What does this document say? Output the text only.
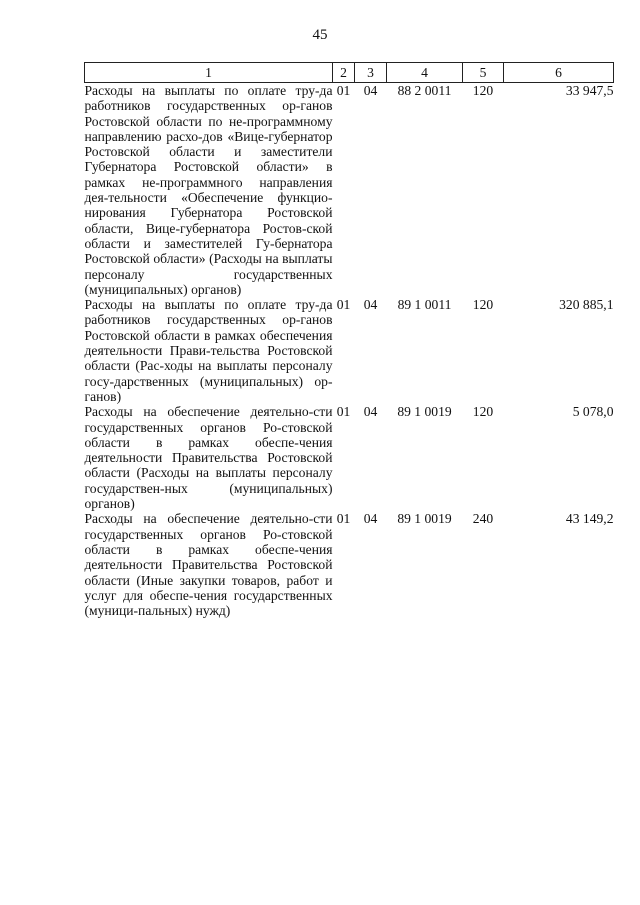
45
1	2	3	4	5	6
Расходы на выплаты по оплате тру-да работников государственных ор-ганов Ростовской области по не-программному направлению расхо-дов «Вице-губернатор Ростовской области и заместители Губернатора Ростовской области» в рамках не-программного направления дея-тельности «Обеспечение функцио-нирования Губернатора Ростовской области, Вице-губернатора Ростов-ской области и заместителей Гу-бернатора Ростовской области» (Расходы на выплаты персоналу государственных (муниципальных) органов)	01	04	88 2 0011	120	33 947,5
Расходы на выплаты по оплате тру-да работников государственных ор-ганов Ростовской области в рамках обеспечения деятельности Прави-тельства Ростовской области (Рас-ходы на выплаты персоналу госу-дарственных (муниципальных) ор-ганов)	01	04	89 1 0011	120	320 885,1
Расходы на обеспечение деятельно-сти государственных органов Ро-стовской области в рамках обеспе-чения деятельности Правительства Ростовской области (Расходы на выплаты персоналу государствен-ных (муниципальных) органов)	01	04	89 1 0019	120	5 078,0
Расходы на обеспечение деятельно-сти государственных органов Ро-стовской области в рамках обеспе-чения деятельности Правительства Ростовской области (Иные закупки товаров, работ и услуг для обеспе-чения государственных (муници-пальных) нужд)	01	04	89 1 0019	240	43 149,2
